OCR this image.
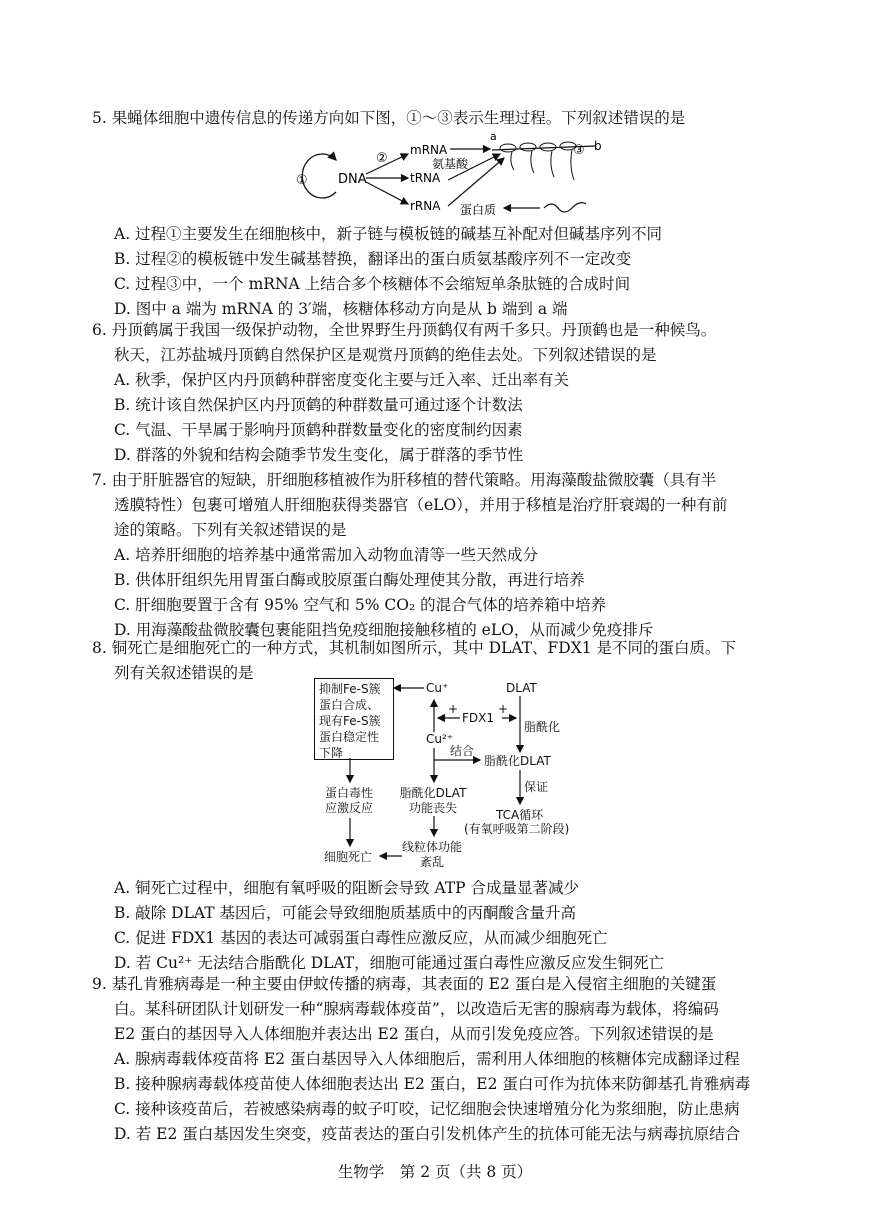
5. 果蝇体细胞中遗传信息的传递方向如下图，①～③表示生理过程。下列叙述错误的是

① DNA
②
mRNA
tRNA
rRNA
氨基酸
a
③ b
蛋白质

A. 过程①主要发生在细胞核中，新子链与模板链的碱基互补配对但碱基序列不同

B. 过程②的模板链中发生碱基替换，翻译出的蛋白质氨基酸序列不一定改变

C. 过程③中，一个 mRNA 上结合多个核糖体不会缩短单条肽链的合成时间

D. 图中 a 端为 mRNA 的 3′端，核糖体移动方向是从 b 端到 a 端

6. 丹顶鹤属于我国一级保护动物，全世界野生丹顶鹤仅有两千多只。丹顶鹤也是一种候鸟。

秋天，江苏盐城丹顶鹤自然保护区是观赏丹顶鹤的绝佳去处。下列叙述错误的是

A. 秋季，保护区内丹顶鹤种群密度变化主要与迁入率、迁出率有关

B. 统计该自然保护区内丹顶鹤的种群数量可通过逐个计数法

C. 气温、干旱属于影响丹顶鹤种群数量变化的密度制约因素

D. 群落的外貌和结构会随季节发生变化，属于群落的季节性

7. 由于肝脏器官的短缺，肝细胞移植被作为肝移植的替代策略。用海藻酸盐微胶囊（具有半

透膜特性）包裹可增殖人肝细胞获得类器官（eLO），并用于移植是治疗肝衰竭的一种有前

途的策略。下列有关叙述错误的是

A. 培养肝细胞的培养基中通常需加入动物血清等一些天然成分

B. 供体肝组织先用胃蛋白酶或胶原蛋白酶处理使其分散，再进行培养

C. 肝细胞要置于含有 95% 空气和 5% CO₂ 的混合气体的培养箱中培养

D. 用海藻酸盐微胶囊包裹能阻挡免疫细胞接触移植的 eLO，从而减少免疫排斥

8. 铜死亡是细胞死亡的一种方式，其机制如图所示，其中 DLAT、FDX1 是不同的蛋白质。下

列有关叙述错误的是

抑制Fe-S簇蛋白合成、现有Fe-S簇蛋白稳定性下降
Cu⁺	DLAT
+
FDX1
+
脂酰化
Cu²⁺
结合
脂酰化DLAT
保证
蛋白毒性应激反应
脂酰化DLAT功能丧失	TCA循环
(有氧呼吸第二阶段)
线粒体功能紊乱
细胞死亡

A. 铜死亡过程中，细胞有氧呼吸的阻断会导致 ATP 合成量显著减少

B. 敲除 DLAT 基因后，可能会导致细胞质基质中的丙酮酸含量升高

C. 促进 FDX1 基因的表达可减弱蛋白毒性应激反应，从而减少细胞死亡

D. 若 Cu²⁺ 无法结合脂酰化 DLAT，细胞可能通过蛋白毒性应激反应发生铜死亡

9. 基孔肯雅病毒是一种主要由伊蚊传播的病毒，其表面的 E2 蛋白是入侵宿主细胞的关键蛋

白。某科研团队计划研发一种“腺病毒载体疫苗”，以改造后无害的腺病毒为载体，将编码

E2 蛋白的基因导入人体细胞并表达出 E2 蛋白，从而引发免疫应答。下列叙述错误的是

A. 腺病毒载体疫苗将 E2 蛋白基因导入人体细胞后，需利用人体细胞的核糖体完成翻译过程

B. 接种腺病毒载体疫苗使人体细胞表达出 E2 蛋白，E2 蛋白可作为抗体来防御基孔肯雅病毒

C. 接种该疫苗后，若被感染病毒的蚊子叮咬，记忆细胞会快速增殖分化为浆细胞，防止患病

D. 若 E2 蛋白基因发生突变，疫苗表达的蛋白引发机体产生的抗体可能无法与病毒抗原结合

生物学　第 2 页（共 8 页）
